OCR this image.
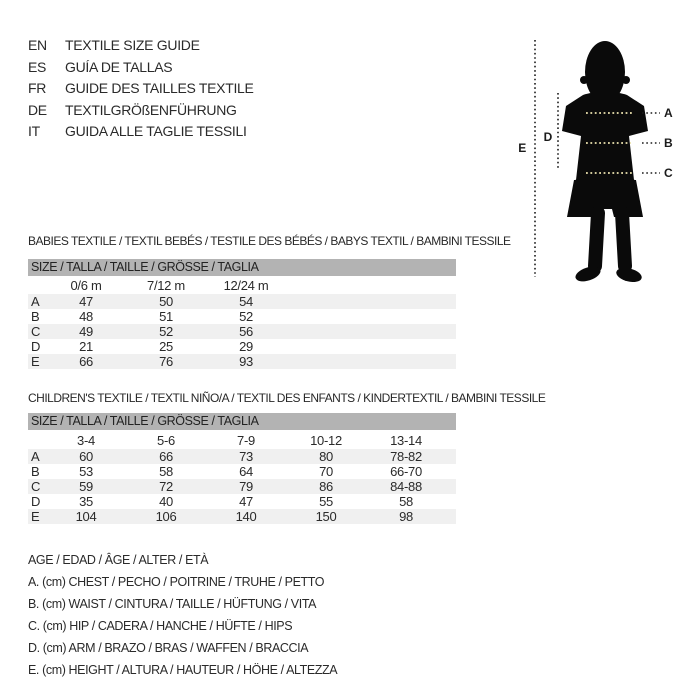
EN	TEXTILE SIZE GUIDE
ES	GUÍA DE TALLAS
FR	GUIDE DES TAILLES TEXTILE
DE	TEXTILGRÖßENFÜHRUNG
IT	GUIDA ALLE TAGLIE TESSILI
A
B
C
D
E
BABIES TEXTILE / TEXTIL BEBÉS / TESTILE DES BÉBÉS / BABYS TEXTIL / BAMBINI TESSILE
SIZE / TALLA / TAILLE / GRÖSSE / TAGLIA
	0/6 m	7/12 m	12/24 m	
A	47	50	54	
B	48	51	52	
C	49	52	56	
D	21	25	29	
E	66	76	93	
CHILDREN'S TEXTILE / TEXTIL NIÑO/A / TEXTIL DES ENFANTS / KINDERTEXTIL / BAMBINI TESSILE
SIZE / TALLA / TAILLE / GRÖSSE / TAGLIA
	3-4	5-6	7-9	10-12	13-14	
A	60	66	73	80	78-82	
B	53	58	64	70	66-70	
C	59	72	79	86	84-88	
D	35	40	47	55	58	
E	104	106	140	150	98	
AGE / EDAD / ÂGE / ALTER / ETÀ
A. (cm) CHEST / PECHO / POITRINE / TRUHE / PETTO
B. (cm) WAIST / CINTURA / TAILLE / HÜFTUNG / VITA
C. (cm) HIP / CADERA / HANCHE / HÜFTE / HIPS
D. (cm) ARM / BRAZO / BRAS / WAFFEN / BRACCIA
E. (cm) HEIGHT / ALTURA / HAUTEUR / HÖHE / ALTEZZA
